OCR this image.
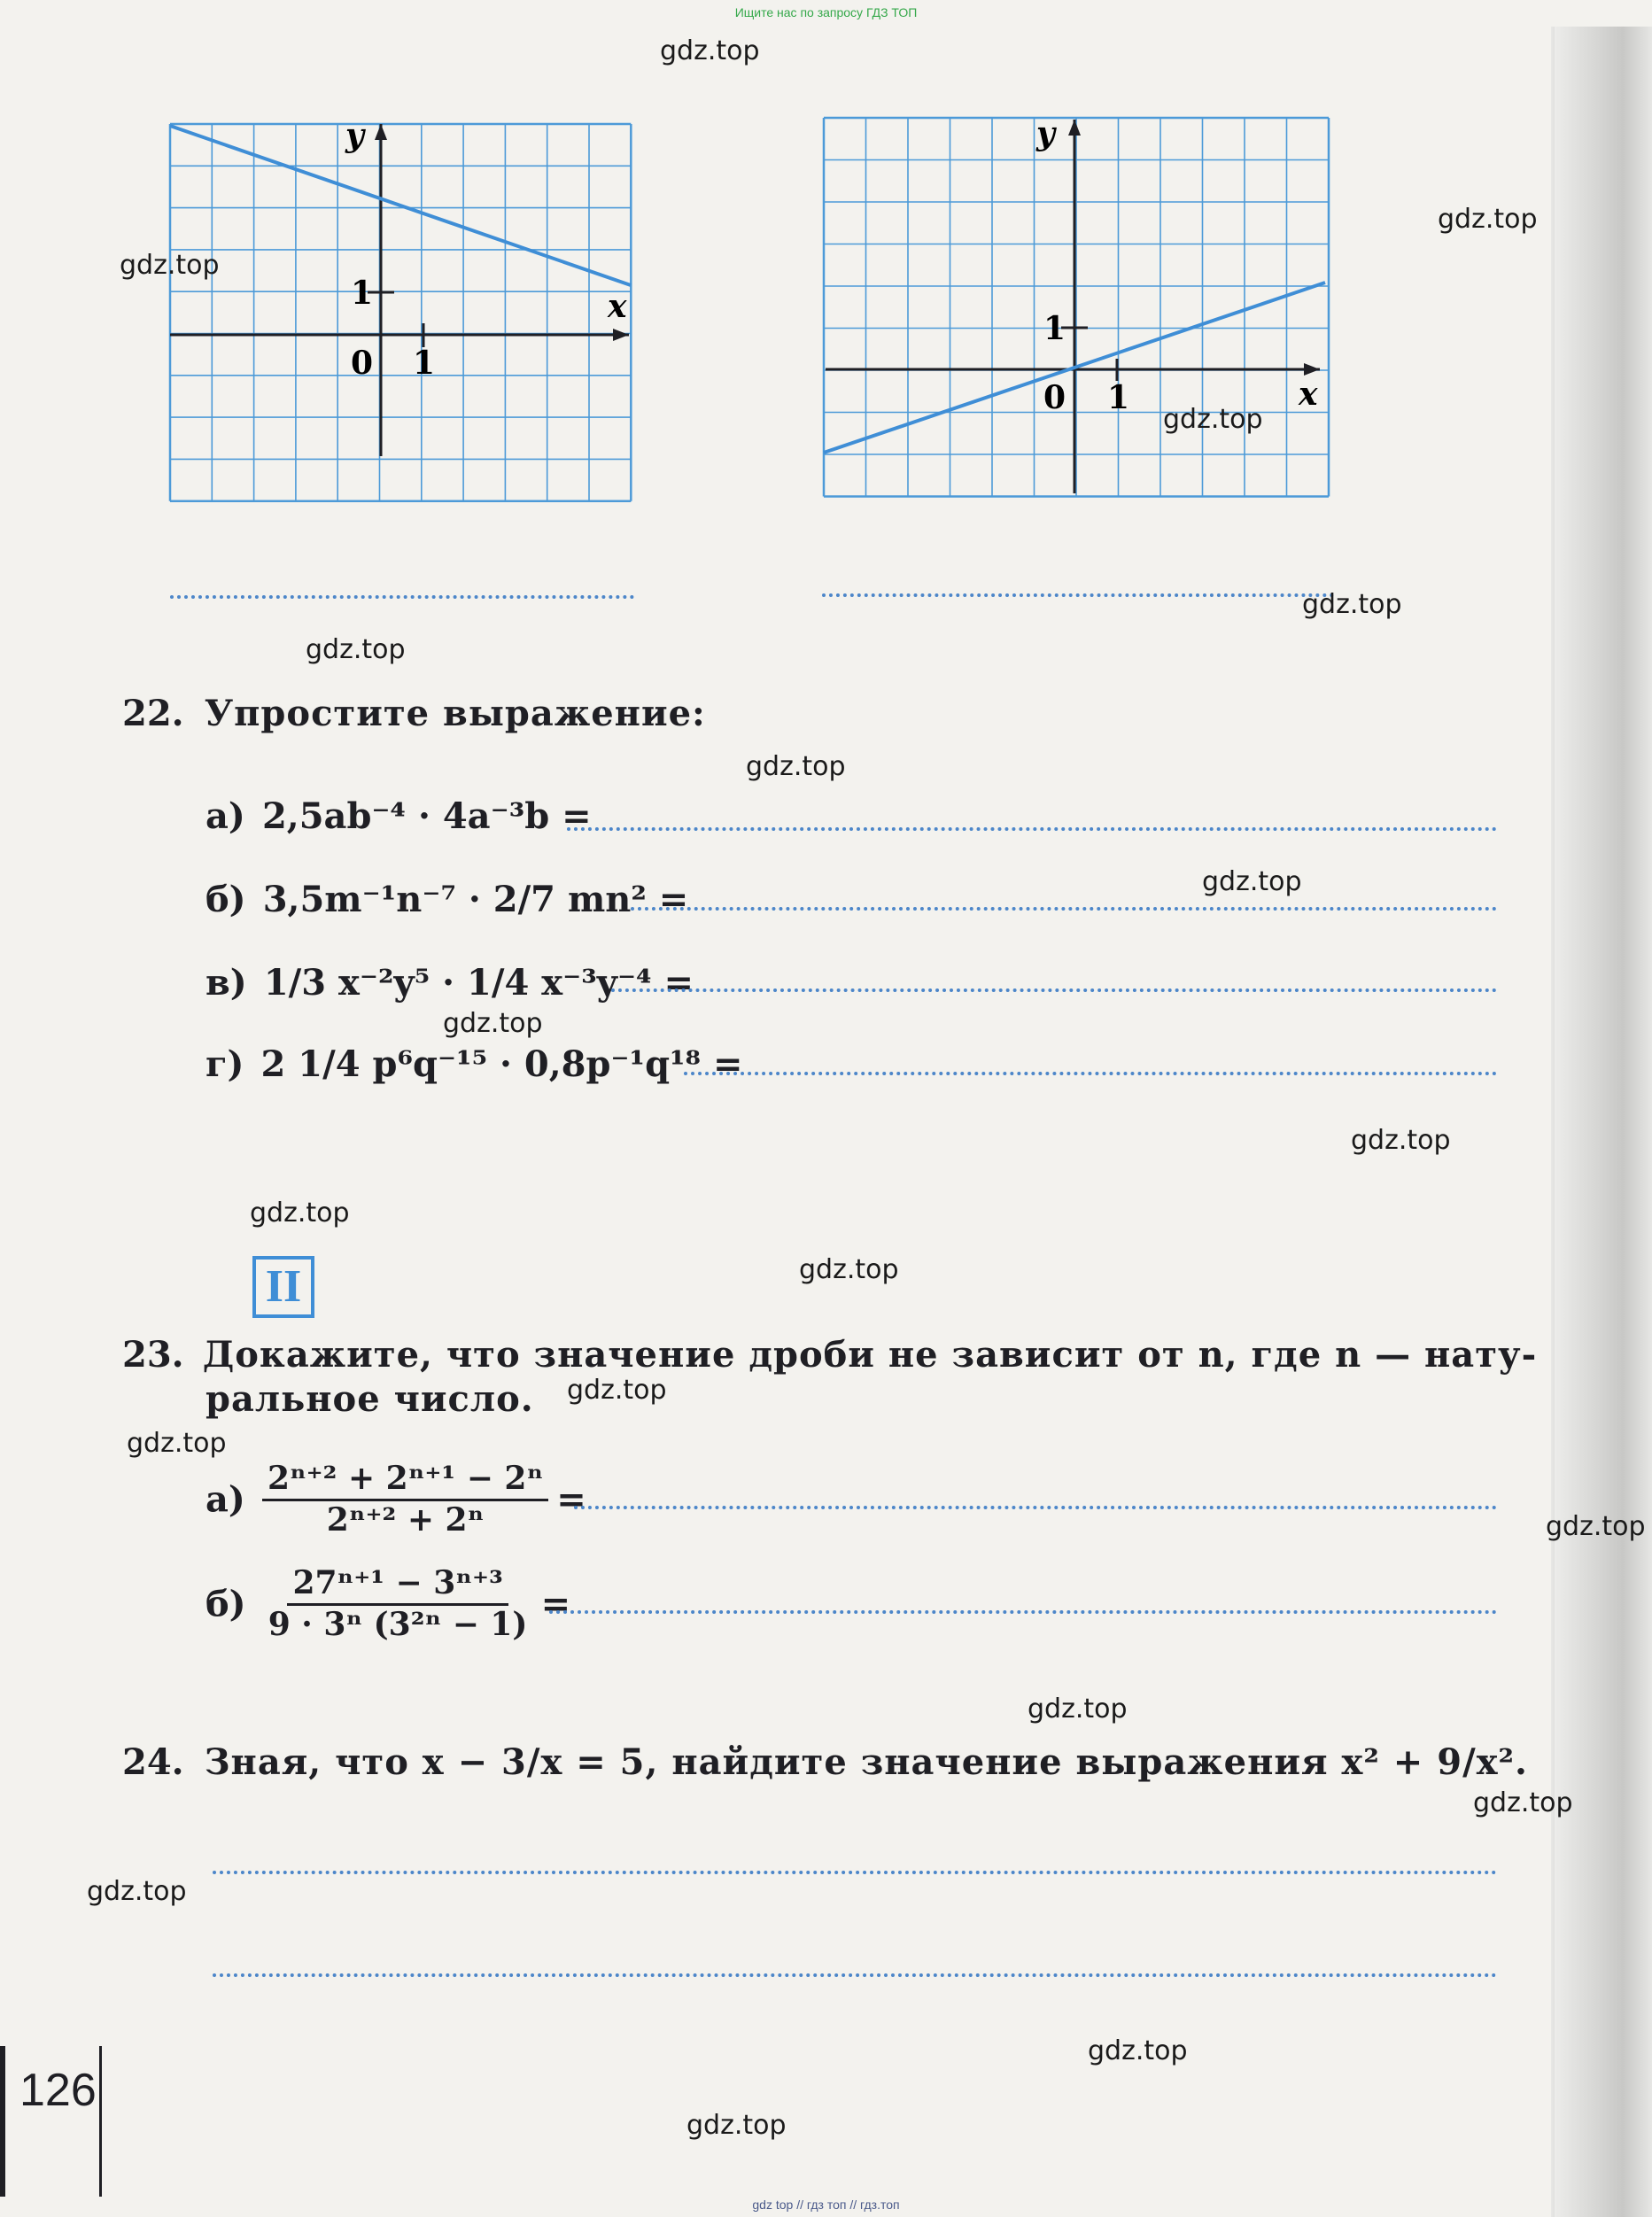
Ищите нас по запросу ГДЗ ТОП
y
x
0 1
1
y
x
0 1
1
22. Упростите выражение:
а) 2,5ab⁻⁴ · 4a⁻³b =
б) 3,5m⁻¹n⁻⁷ · 2/7 mn² =
в) 1/3 x⁻²y⁵ · 1/4 x⁻³y⁻⁴ =
г) 2 1/4 p⁶q⁻¹⁵ · 0,8p⁻¹q¹⁸ =
II
23. Докажите, что значение дроби не зависит от n, где n — нату-
ральное число.
$а) \frac{\text{2ⁿ⁺² + 2ⁿ⁺¹ − 2ⁿ}}{\text{2ⁿ⁺² + 2ⁿ}}$ =
$б) \frac{\text{27ⁿ⁺¹ − 3ⁿ⁺³}}{\text{9 · 3ⁿ (3²ⁿ − 1)}}$ =
24. Зная, что x − 3/x = 5, найдите значение выражения x² + 9/x².
126
gdz.top
gdz.top
gdz.top
gdz.top
gdz.top
gdz.top
gdz.top
gdz.top
gdz.top
gdz.top
gdz.top
gdz.top
gdz.top
gdz.top
gdz.top
gdz.top
gdz.top
gdz.top
gdz.top
gdz.top
gdz top // гдз топ // гдз.топ
